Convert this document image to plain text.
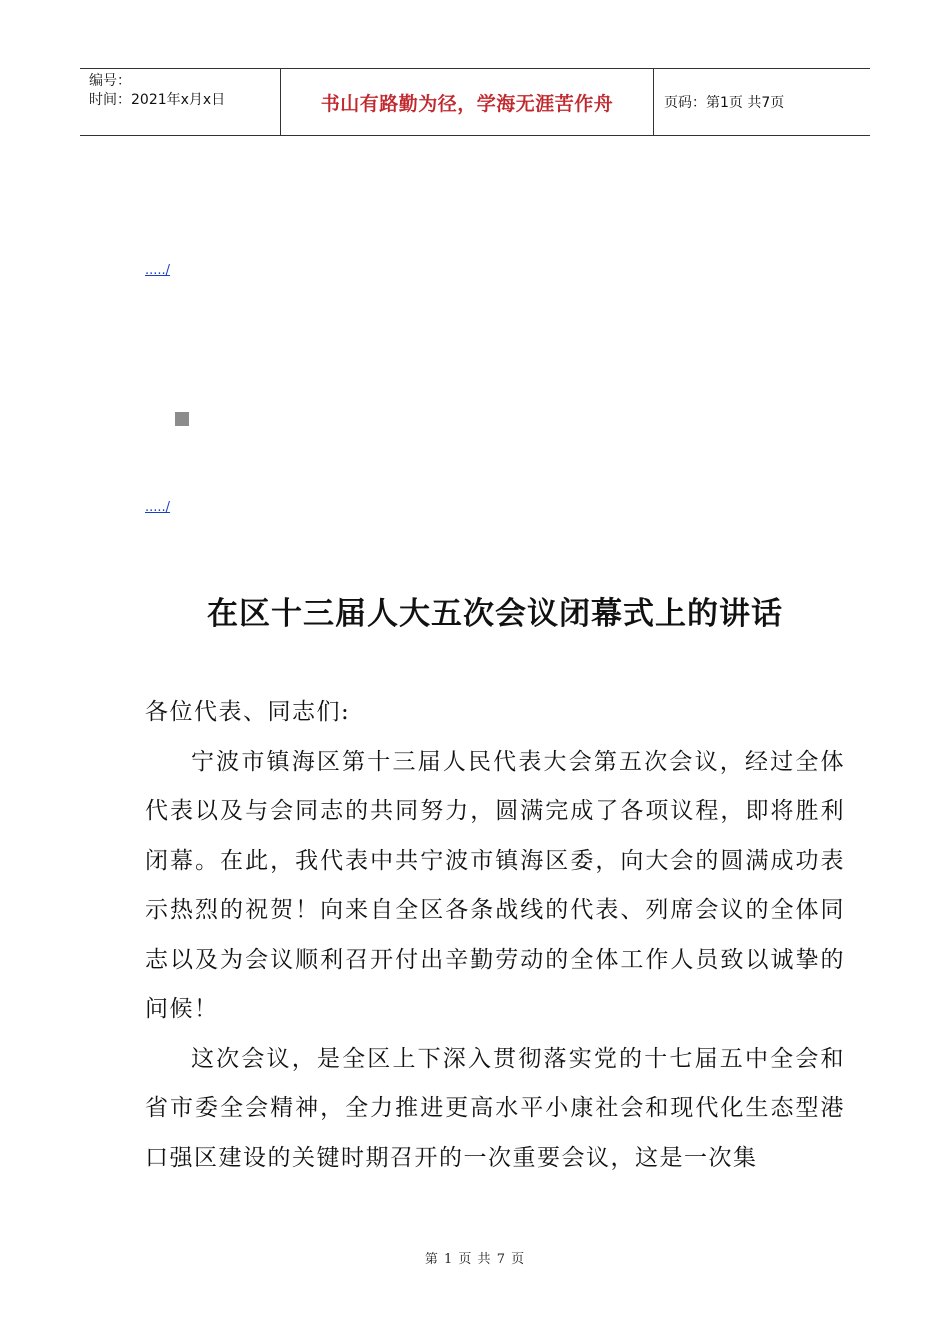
编号：
时间：2021年x月x日	书山有路勤为径，学海无涯苦作舟	页码：第1页 共7页
...../
...../
在区十三届人大五次会议闭幕式上的讲话

各位代表、同志们:

宁波市镇海区第十三届人民代表大会第五次会议，经过全体代表以及与会同志的共同努力，圆满完成了各项议程，即将胜利闭幕。在此，我代表中共宁波市镇海区委，向大会的圆满成功表示热烈的祝贺！向来自全区各条战线的代表、列席会议的全体同志以及为会议顺利召开付出辛勤劳动的全体工作人员致以诚挚的问候！

这次会议，是全区上下深入贯彻落实党的十七届五中全会和省市委全会精神，全力推进更高水平小康社会和现代化生态型港口强区建设的关键时期召开的一次重要会议，这是一次集

第 1 页 共 7 页
